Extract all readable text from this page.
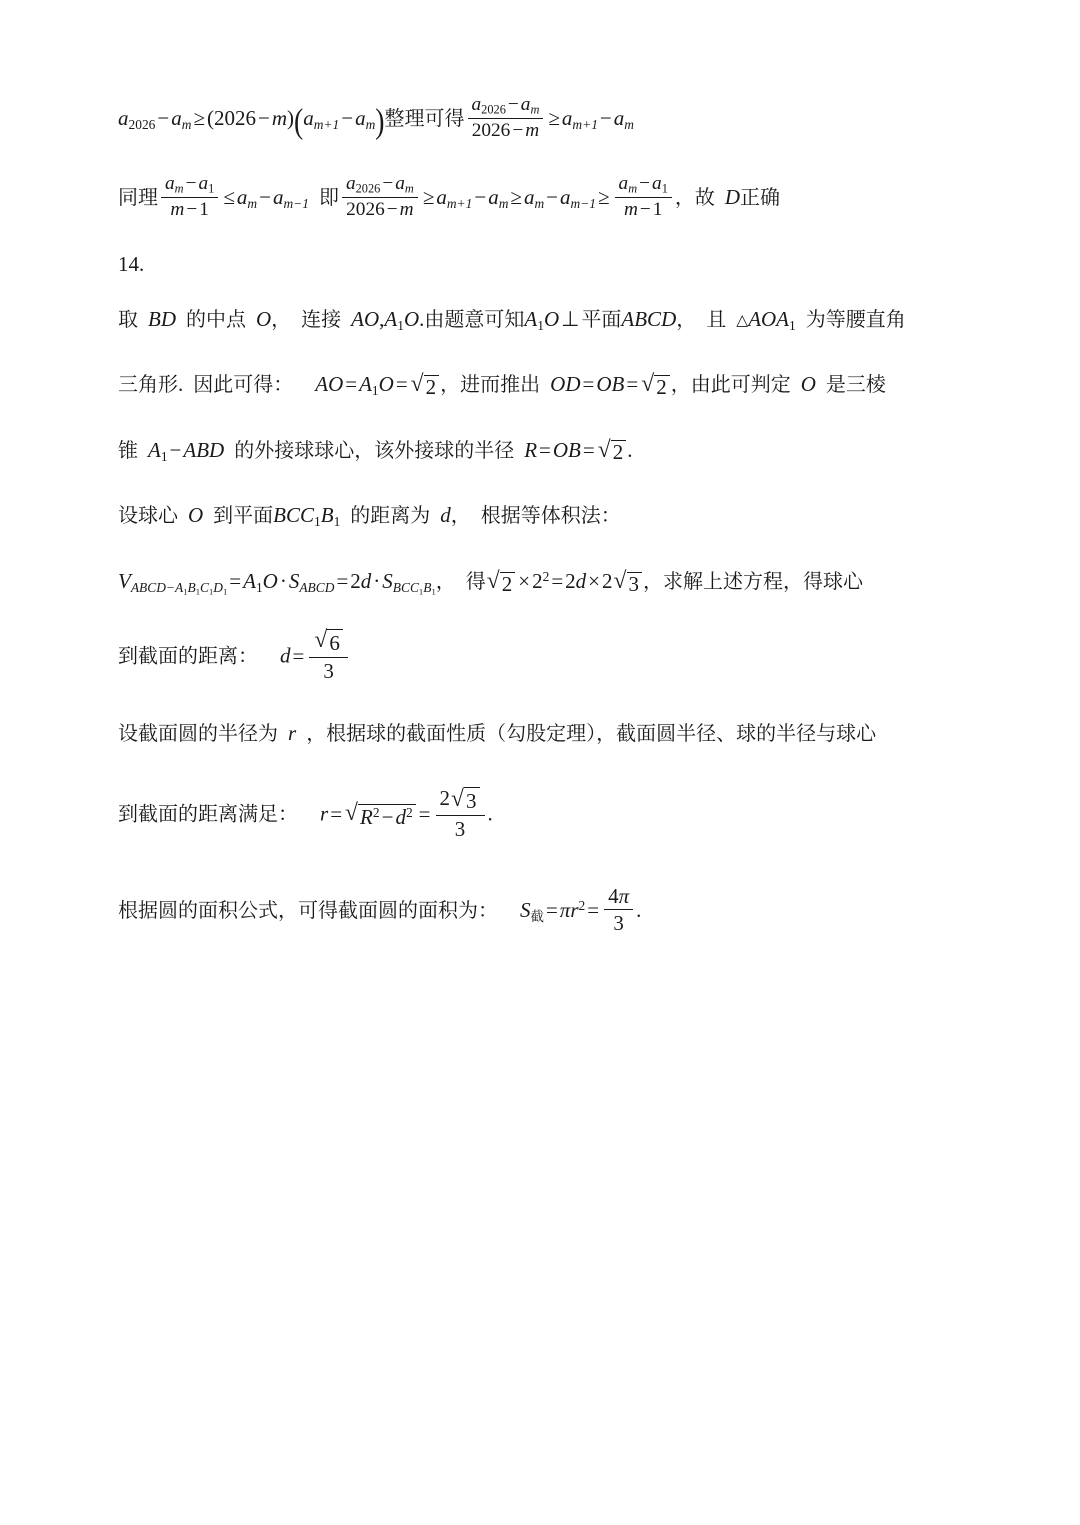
$a_{2026}-a_m\ge(2026-m)(a_{m+1}-a_m)$整理可得 $\frac{a_{2026} - a_m}{2026 - m} \ge a_{m+1}-a_m$
同理 $\frac{a_m - a_1}{m - 1} \le a_m-a_{m-1}$ 即 $\frac{a_{2026} - a_m}{2026 - m} \ge a_{m+1}-a_m\ge a_m-a_{m-1}\ge \frac{a_m - a_1}{m - 1}$ ，故 D正确
14.
取 BD 的中点 O， 连接 $AO,A_1O$.由题意可知$A_1O\perp$ 平面ABCD， 且 $\triangle AOA_1$ 为等腰直角
三角形. 因此可得： $AO=A_1O=$ √ 2 ，进而推出 OD=OB= √ 2 ，由此可判定 O 是三棱
锥 $A_1-ABD$ 的外接球球心，该外接球的半径 R=OB= √ 2 .
设球心 O 到平面$BCC_1B_1$ 的距离为 d， 根据等体积法：
$V_{ABCD-A_1B_1C_1D_1}=A_1O\cdot S_{ABCD}=2d\cdot S_{BCC_1B_1}$， 得 √ $2 \times 2^2=2d\times 2$ √ 3 ，求解上述方程，得球心
到截面的距离： d= √ $\frac{6}{3}$
设截面圆的半径为 r ，根据球的截面性质（勾股定理），截面圆半径、球的半径与球心
到截面的距离满足： r= √ $R^2-d^2 = \frac{2 √ 3}{3}$ .
根据圆的面积公式，可得截面圆的面积为： $S_截=\pi r^2= \frac{4\pi}{3}$ .
